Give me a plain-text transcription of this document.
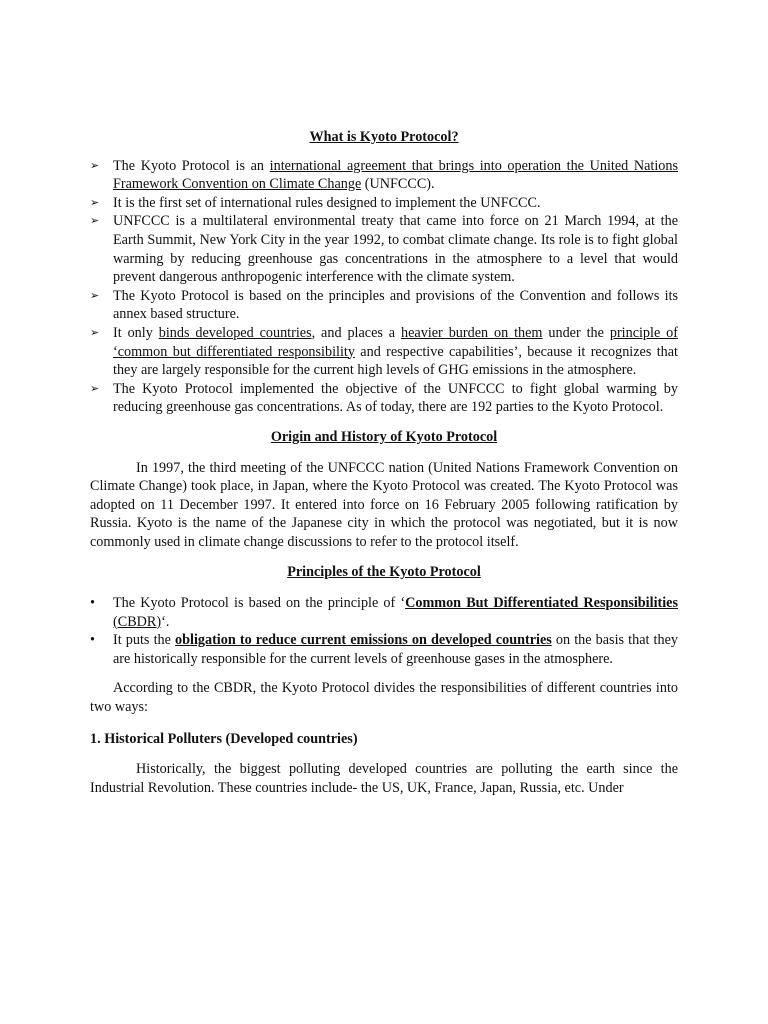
What is Kyoto Protocol?
➢ The Kyoto Protocol is an international agreement that brings into operation the United Nations Framework Convention on Climate Change (UNFCCC).
➢ It is the first set of international rules designed to implement the UNFCCC.
➢ UNFCCC is a multilateral environmental treaty that came into force on 21 March 1994, at the Earth Summit, New York City in the year 1992, to combat climate change. Its role is to fight global warming by reducing greenhouse gas concentrations in the atmosphere to a level that would prevent dangerous anthropogenic interference with the climate system.
➢ The Kyoto Protocol is based on the principles and provisions of the Convention and follows its annex based structure.
➢ It only binds developed countries, and places a heavier burden on them under the principle of ‘common but differentiated responsibility and respective capabilities’, because it recognizes that they are largely responsible for the current high levels of GHG emissions in the atmosphere.
➢ The Kyoto Protocol implemented the objective of the UNFCCC to fight global warming by reducing greenhouse gas concentrations. As of today, there are 192 parties to the Kyoto Protocol.
Origin and History of Kyoto Protocol

In 1997, the third meeting of the UNFCCC nation (United Nations Framework Convention on Climate Change) took place, in Japan, where the Kyoto Protocol was created. The Kyoto Protocol was adopted on 11 December 1997. It entered into force on 16 February 2005 following ratification by Russia. Kyoto is the name of the Japanese city in which the protocol was negotiated, but it is now commonly used in climate change discussions to refer to the protocol itself.

Principles of the Kyoto Protocol
• The Kyoto Protocol is based on the principle of ‘Common But Differentiated Responsibilities (CBDR)‘.
• It puts the obligation to reduce current emissions on developed countries on the basis that they are historically responsible for the current levels of greenhouse gases in the atmosphere.

According to the CBDR, the Kyoto Protocol divides the responsibilities of different countries into two ways:

1. Historical Polluters (Developed countries)

Historically, the biggest polluting developed countries are polluting the earth since the Industrial Revolution. These countries include- the US, UK, France, Japan, Russia, etc. Under
